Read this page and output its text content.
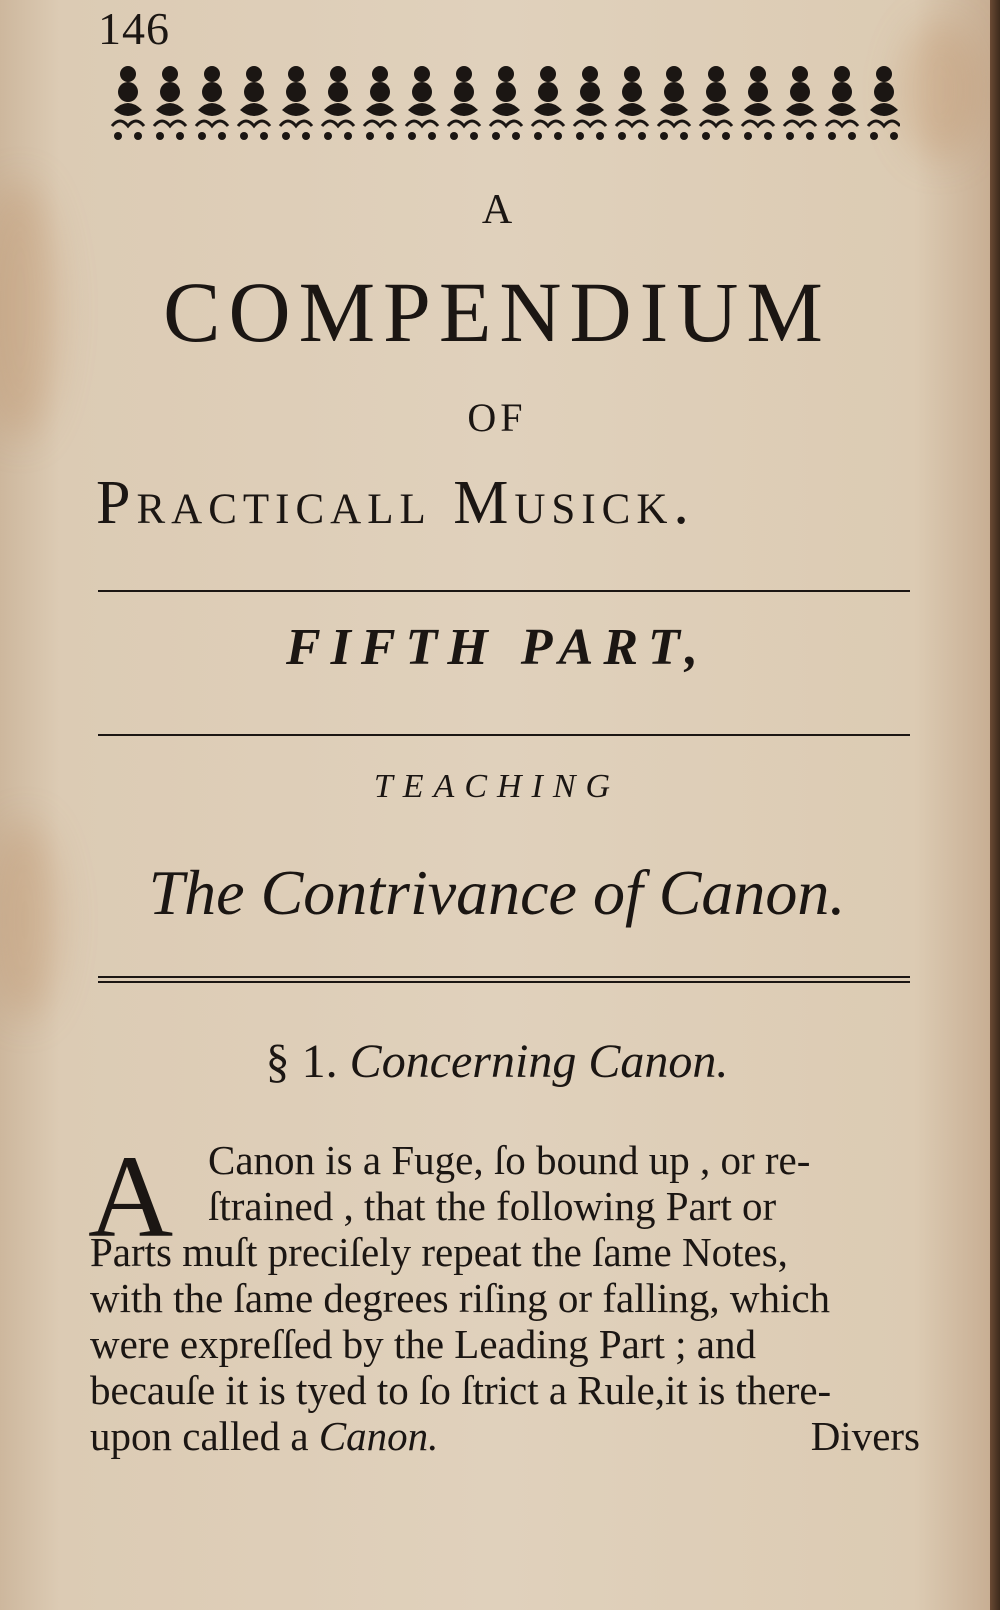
146
A
COMPENDIUM
OF
Practicall Musick.
FIFTH PART,
TEACHING
The Contrivance of Canon.
§ 1. Concerning Canon.
A Canon is a Fuge, ſo bound up , or re-
ſtrained , that the following Part or
Parts muſt preciſely repeat the ſame Notes,
with the ſame degrees riſing or falling, which
were expreſſed by the Leading Part ; and
becauſe it is tyed to ſo ſtrict a Rule,it is there-
upon called a Canon.	Divers
